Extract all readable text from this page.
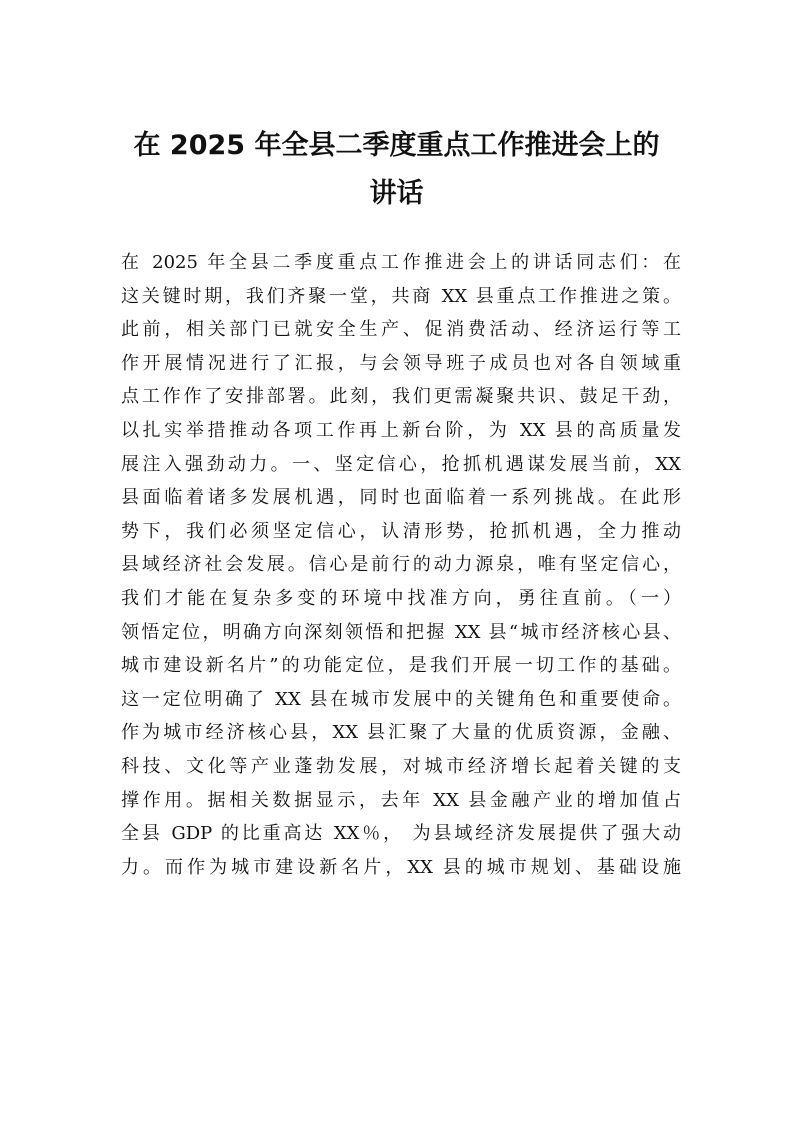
在 2025 年全县二季度重点工作推进会上的
讲话
在 2025 年全县二季度重点工作推进会上的讲话同志们：在
这关键时期，我们齐聚一堂，共商 XX 县重点工作推进之策。
此前，相关部门已就安全生产、促消费活动、经济运行等工
作开展情况进行了汇报，与会领导班子成员也对各自领域重
点工作作了安排部署。此刻，我们更需凝聚共识、鼓足干劲，
以扎实举措推动各项工作再上新台阶，为 XX 县的高质量发
展注入强劲动力。一、坚定信心，抢抓机遇谋发展当前，XX
县面临着诸多发展机遇，同时也面临着一系列挑战。在此形
势下，我们必须坚定信心，认清形势，抢抓机遇，全力推动
县域经济社会发展。信心是前行的动力源泉，唯有坚定信心，
我们才能在复杂多变的环境中找准方向，勇往直前。（一）
领悟定位，明确方向深刻领悟和把握 XX 县“城市经济核心县、
城市建设新名片”的功能定位，是我们开展一切工作的基础。
这一定位明确了 XX 县在城市发展中的关键角色和重要使命。
作为城市经济核心县，XX 县汇聚了大量的优质资源，金融、
科技、文化等产业蓬勃发展，对城市经济增长起着关键的支
撑作用。据相关数据显示，去年 XX 县金融产业的增加值占
全县 GDP 的比重高达 XX％， 为县域经济发展提供了强大动
力。而作为城市建设新名片，XX 县的城市规划、基础设施
